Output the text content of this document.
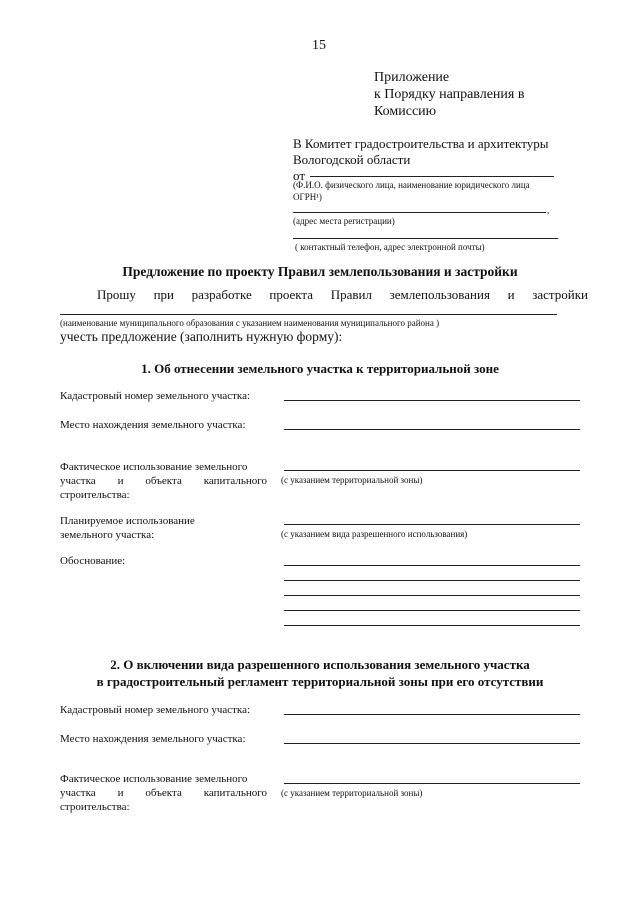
15
Приложение
к Порядку направления в
Комиссию
В Комитет градостроительства и архитектуры
Вологодской области
от
(Ф.И.О. физического лица, наименование юридического лица
ОГРН¹)
,
(адрес места регистрации)
( контактный телефон, адрес электронной почты)
Предложение по проекту Правил землепользования и застройки
Прошу при разработке проекта Правил землепользования и застройки
(наименование муниципального образования с указанием наименования муниципального района )
учесть предложение (заполнить нужную форму):
1. Об отнесении земельного участка к территориальной зоне
Кадастровый номер земельного участка:
Место нахождения земельного участка:
Фактическое использование земельного
участка и объекта капитального
строительства:
(с указанием территориальной зоны)
Планируемое использование
земельного участка:	(с указанием вида разрешенного использования)
Обоснование:
2. О включении вида разрешенного использования земельного участка
в градостроительный регламент территориальной зоны при его отсутствии
Кадастровый номер земельного участка:
Место нахождения земельного участка:
Фактическое использование земельного
участка и объекта капитального
строительства:
(с указанием территориальной зоны)
